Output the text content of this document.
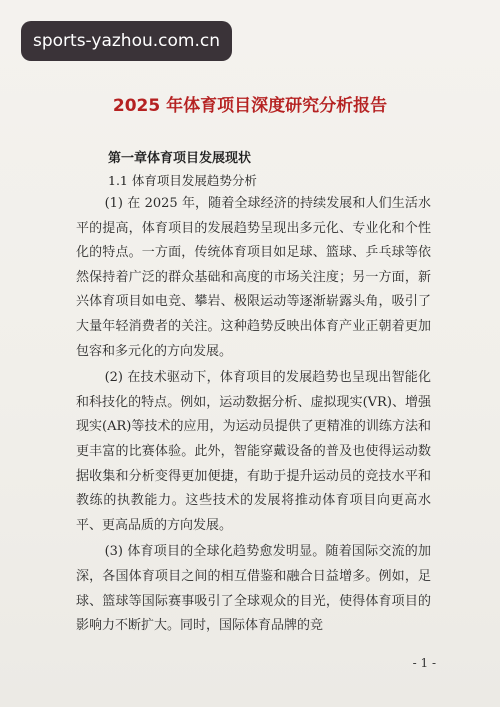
sports-yazhou.com.cn
2025 年体育项目深度研究分析报告
第一章体育项目发展现状
1.1 体育项目发展趋势分析

(1) 在 2025 年，随着全球经济的持续发展和人们生活水平的提高，体育项目的发展趋势呈现出多元化、专业化和个性化的特点。一方面，传统体育项目如足球、篮球、乒乓球等依然保持着广泛的群众基础和高度的市场关注度；另一方面，新兴体育项目如电竞、攀岩、极限运动等逐渐崭露头角，吸引了大量年轻消费者的关注。这种趋势反映出体育产业正朝着更加包容和多元化的方向发展。

(2) 在技术驱动下，体育项目的发展趋势也呈现出智能化和科技化的特点。例如，运动数据分析、虚拟现实(VR)、增强现实(AR)等技术的应用，为运动员提供了更精准的训练方法和更丰富的比赛体验。此外，智能穿戴设备的普及也使得运动数据收集和分析变得更加便捷，有助于提升运动员的竞技水平和教练的执教能力。这些技术的发展将推动体育项目向更高水平、更高品质的方向发展。

(3) 体育项目的全球化趋势愈发明显。随着国际交流的加深，各国体育项目之间的相互借鉴和融合日益增多。例如，足球、篮球等国际赛事吸引了全球观众的目光，使得体育项目的影响力不断扩大。同时，国际体育品牌的竞

- 1 -
